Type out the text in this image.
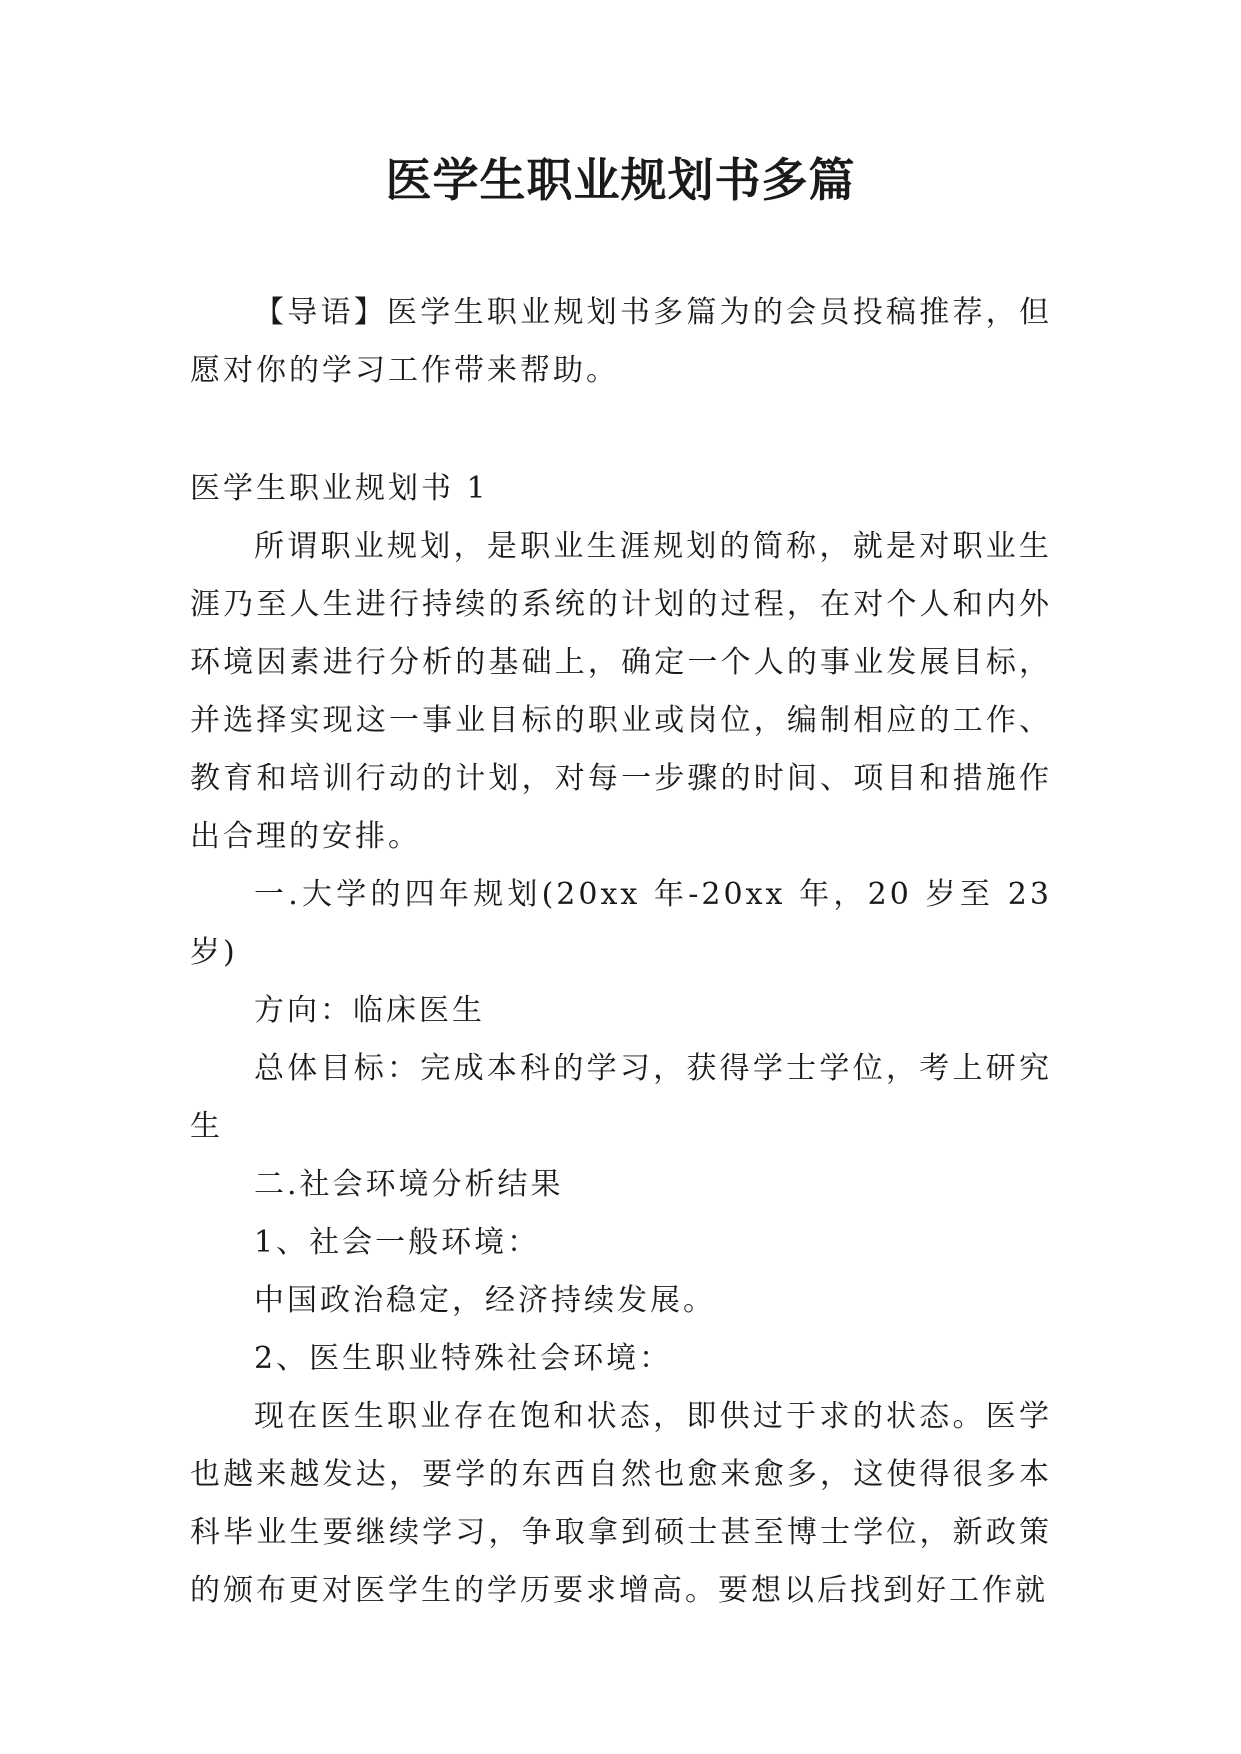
医学生职业规划书多篇

【导语】医学生职业规划书多篇为的会员投稿推荐，但愿对你的学习工作带来帮助。

医学生职业规划书 1

所谓职业规划，是职业生涯规划的简称，就是对职业生涯乃至人生进行持续的系统的计划的过程，在对个人和内外环境因素进行分析的基础上，确定一个人的事业发展目标，并选择实现这一事业目标的职业或岗位，编制相应的工作、教育和培训行动的计划，对每一步骤的时间、项目和措施作出合理的安排。

一.大学的四年规划(20xx 年-20xx 年，20 岁至 23 岁)

方向：临床医生

总体目标：完成本科的学习，获得学士学位，考上研究生

二.社会环境分析结果

1、社会一般环境：

中国政治稳定，经济持续发展。

2、医生职业特殊社会环境：

现在医生职业存在饱和状态，即供过于求的状态。医学也越来越发达，要学的东西自然也愈来愈多，这使得很多本科毕业生要继续学习，争取拿到硕士甚至博士学位，新政策的颁布更对医学生的学历要求增高。要想以后找到好工作就
